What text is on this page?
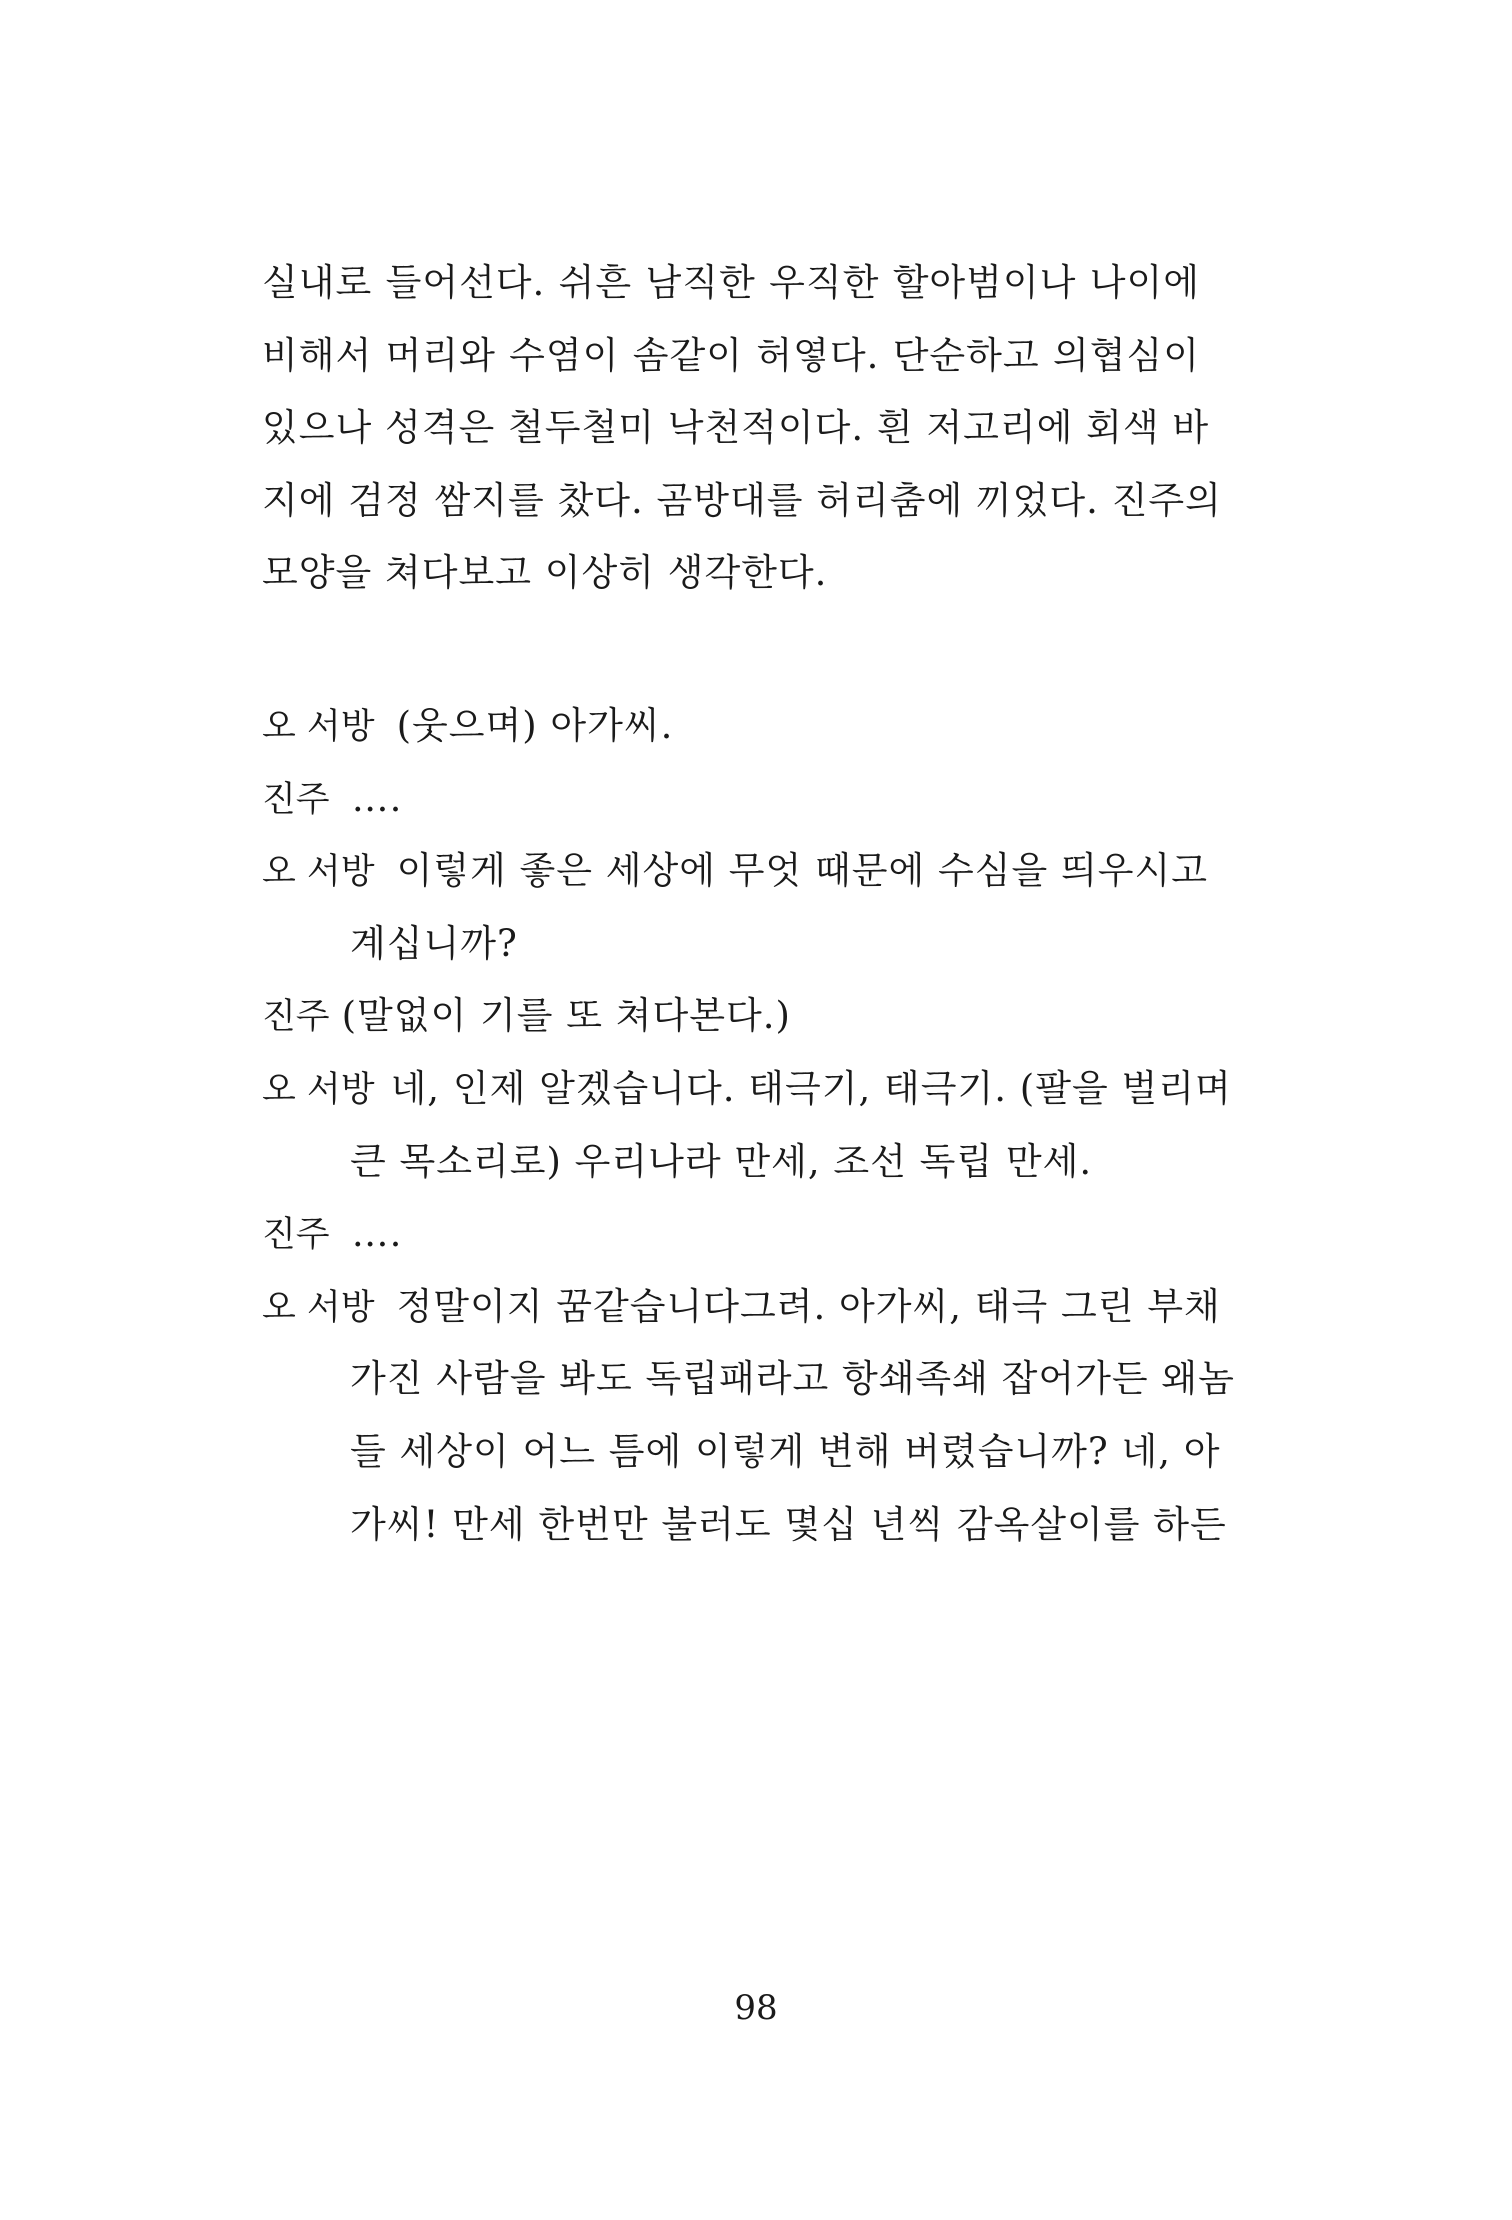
실내로 들어선다. 쉬흔 남직한 우직한 할아범이나 나이에
비해서 머리와 수염이 솜같이 허옇다. 단순하고 의협심이
있으나 성격은 철두철미 낙천적이다. 흰 저고리에 회색 바
지에 검정 쌈지를 찼다. 곰방대를 허리춤에 끼었다. 진주의
모양을 쳐다보고 이상히 생각한다.
오 서방 (웃으며) 아가씨.
진주 ….
오 서방 이렇게 좋은 세상에 무엇 때문에 수심을 띄우시고
계십니까?
진주 (말없이 기를 또 쳐다본다.)
오 서방 네, 인제 알겠습니다. 태극기, 태극기. (팔을 벌리며
큰 목소리로) 우리나라 만세, 조선 독립 만세.
진주 ….
오 서방 정말이지 꿈같습니다그려. 아가씨, 태극 그린 부채
가진 사람을 봐도 독립패라고 항쇄족쇄 잡어가든 왜놈
들 세상이 어느 틈에 이렇게 변해 버렸습니까? 네, 아
가씨! 만세 한번만 불러도 몇십 년씩 감옥살이를 하든
98
